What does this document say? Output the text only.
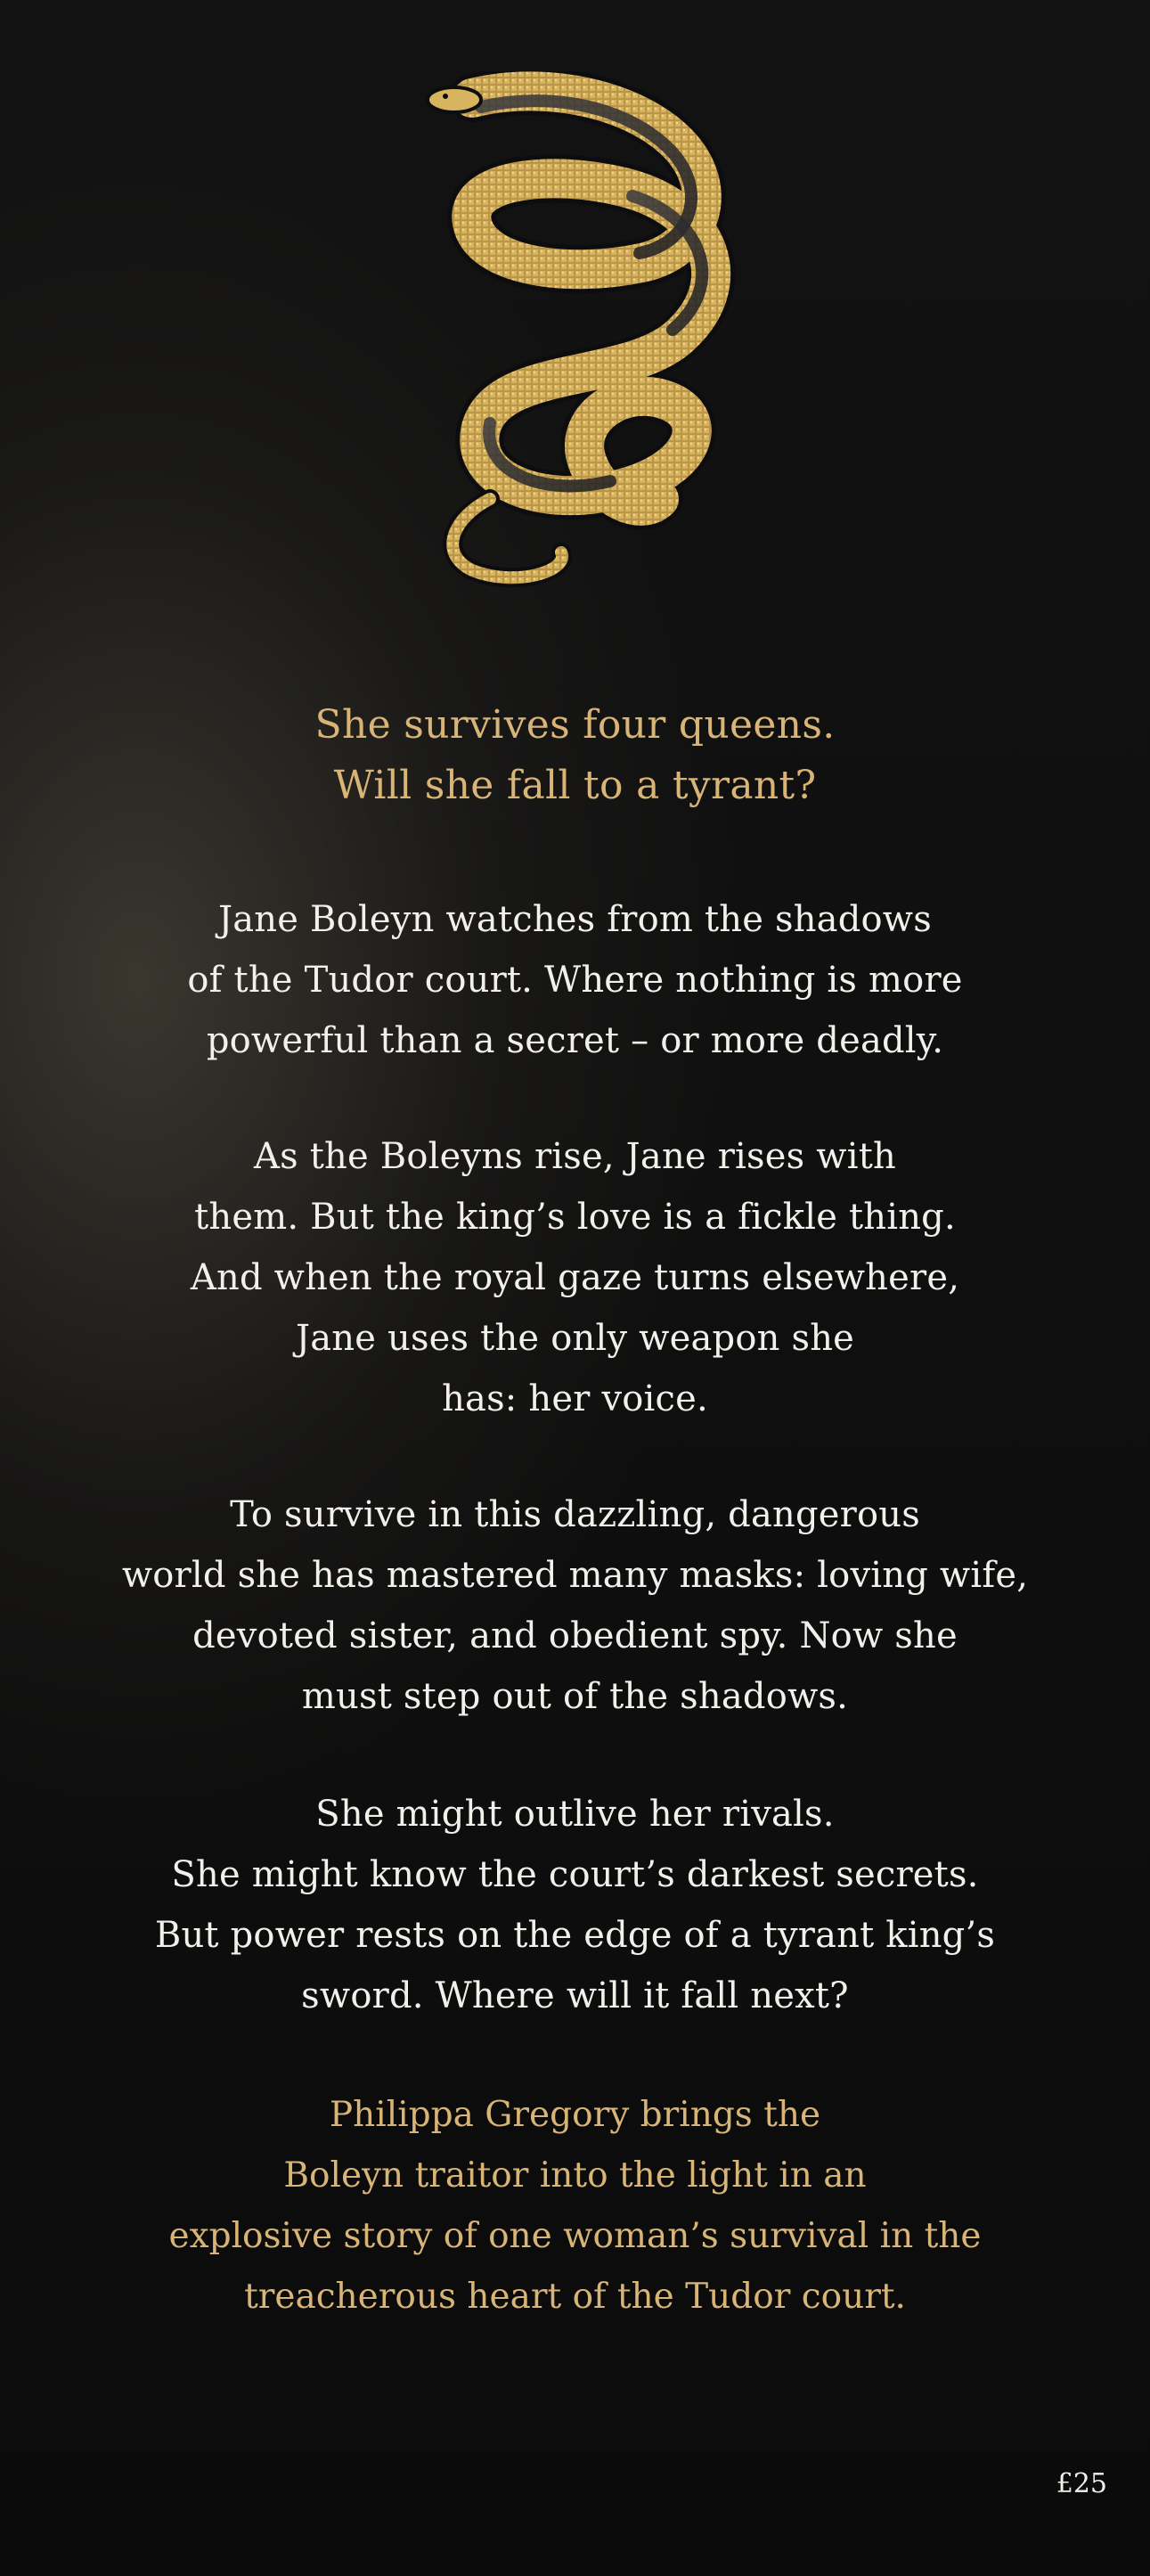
She survives four queens.
Will she fall to a tyrant?
Jane Boleyn watches from the shadows
of the Tudor court. Where nothing is more
powerful than a secret – or more deadly.
As the Boleyns rise, Jane rises with
them. But the king’s love is a fickle thing.
And when the royal gaze turns elsewhere,
Jane uses the only weapon she
has: her voice.
To survive in this dazzling, dangerous
world she has mastered many masks: loving wife,
devoted sister, and obedient spy. Now she
must step out of the shadows.
She might outlive her rivals.
She might know the court’s darkest secrets.
But power rests on the edge of a tyrant king’s
sword. Where will it fall next?
Philippa Gregory brings the
Boleyn traitor into the light in an
explosive story of one woman’s survival in the
treacherous heart of the Tudor court.
£25
